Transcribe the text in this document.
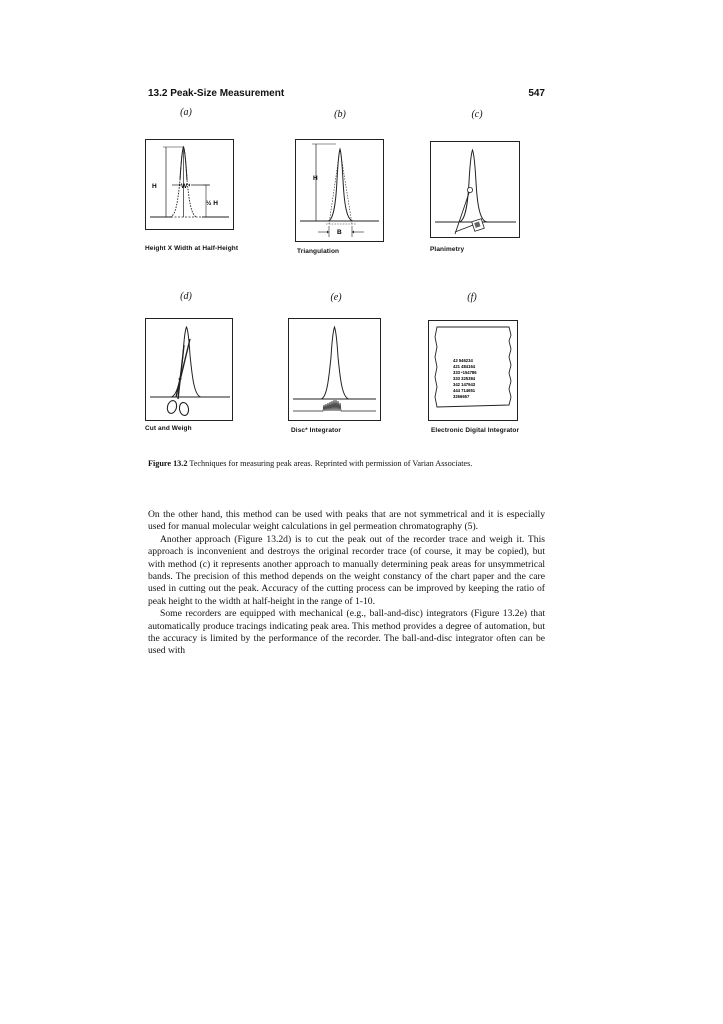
13.2 Peak-Size Measurement	547
(a)	(b)	(c)
H	W
½ H
H
B
Height X Width at Half-Height	Triangulation	Planimetry
(d)	(e)	(f)
43 546234
421 484164
333 •154786
333 325384
342 147943
444 714651
3266657
Cut and Weigh	Disc* Integrator	Electronic Digital Integrator
Figure 13.2 Techniques for measuring peak areas. Reprinted with permission of Varian Associates.

On the other hand, this method can be used with peaks that are not symmetrical and it is especially used for manual molecular weight calculations in gel permeation chromatography (5).

Another approach (Figure 13.2d) is to cut the peak out of the recorder trace and weigh it. This approach is inconvenient and destroys the original recorder trace (of course, it may be copied), but with method (c) it represents another approach to manually determining peak areas for unsymmetrical bands. The precision of this method depends on the weight constancy of the chart paper and the care used in cutting out the peak. Accuracy of the cutting process can be improved by keeping the ratio of peak height to the width at half-height in the range of 1-10.

Some recorders are equipped with mechanical (e.g., ball-and-disc) integrators (Figure 13.2e) that automatically produce tracings indicating peak area. This method provides a degree of automation, but the accuracy is limited by the performance of the recorder. The ball-and-disc integrator often can be used with
